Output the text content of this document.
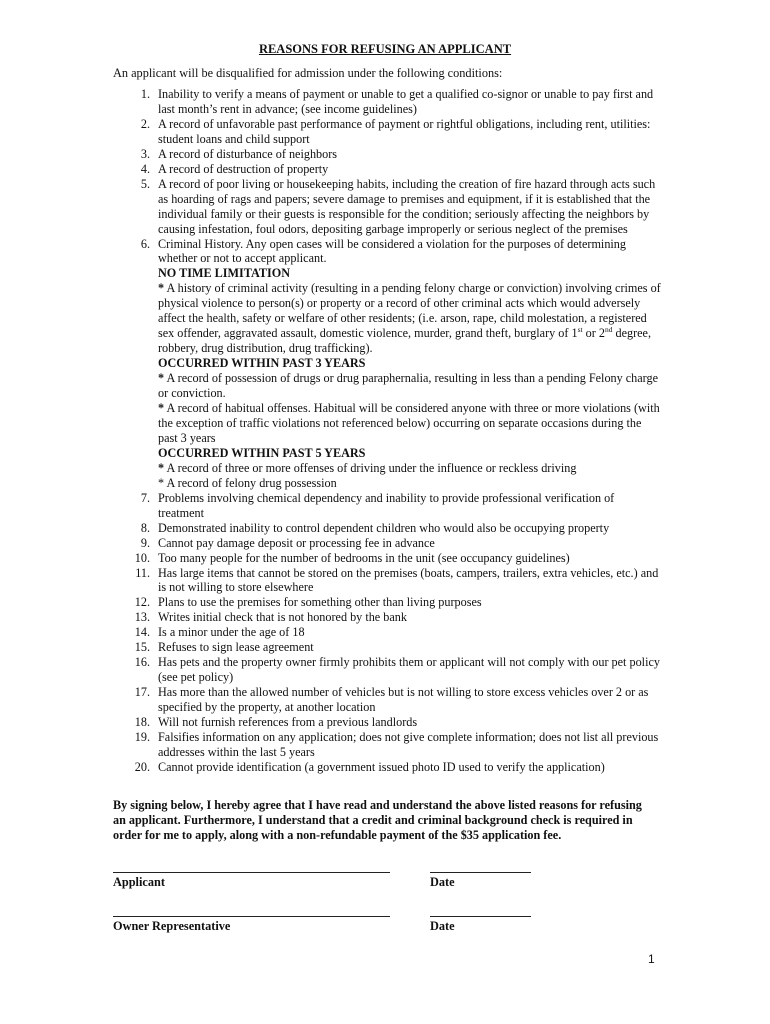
REASONS FOR REFUSING AN APPLICANT
An applicant will be disqualified for admission under the following conditions:
1. Inability to verify a means of payment or unable to get a qualified co-signor or unable to pay first and last month’s rent in advance; (see income guidelines)
2. A record of unfavorable past performance of payment or rightful obligations, including rent, utilities: student loans and child support
3. A record of disturbance of neighbors
4. A record of destruction of property
5. A record of poor living or housekeeping habits, including the creation of fire hazard through acts such as hoarding of rags and papers; severe damage to premises and equipment, if it is established that the individual family or their guests is responsible for the condition; seriously affecting the neighbors by causing infestation, foul odors, depositing garbage improperly or serious neglect of the premises
6. Criminal History. Any open cases will be considered a violation for the purposes of determining whether or not to accept applicant.
NO TIME LIMITATION
* A history of criminal activity (resulting in a pending felony charge or conviction) involving crimes of physical violence to person(s) or property or a record of other criminal acts which would adversely affect the health, safety or welfare of other residents; (i.e. arson, rape, child molestation, a registered sex offender, aggravated assault, domestic violence, murder, grand theft, burglary of 1st or 2nd degree, robbery, drug distribution, drug trafficking).
OCCURRED WITHIN PAST 3 YEARS
* A record of possession of drugs or drug paraphernalia, resulting in less than a pending Felony charge or conviction.
* A record of habitual offenses. Habitual will be considered anyone with three or more violations (with the exception of traffic violations not referenced below) occurring on separate occasions during the past 3 years
OCCURRED WITHIN PAST 5 YEARS
* A record of three or more offenses of driving under the influence or reckless driving
* A record of felony drug possession
7. Problems involving chemical dependency and inability to provide professional verification of treatment
8. Demonstrated inability to control dependent children who would also be occupying property
9. Cannot pay damage deposit or processing fee in advance
10. Too many people for the number of bedrooms in the unit (see occupancy guidelines)
11. Has large items that cannot be stored on the premises (boats, campers, trailers, extra vehicles, etc.) and is not willing to store elsewhere
12. Plans to use the premises for something other than living purposes
13. Writes initial check that is not honored by the bank
14. Is a minor under the age of 18
15. Refuses to sign lease agreement
16. Has pets and the property owner firmly prohibits them or applicant will not comply with our pet policy (see pet policy)
17. Has more than the allowed number of vehicles but is not willing to store excess vehicles over 2 or as specified by the property, at another location
18. Will not furnish references from a previous landlords
19. Falsifies information on any application; does not give complete information; does not list all previous addresses within the last 5 years
20. Cannot provide identification (a government issued photo ID used to verify the application)
By signing below, I hereby agree that I have read and understand the above listed reasons for refusing an applicant. Furthermore, I understand that a credit and criminal background check is required in order for me to apply, along with a non-refundable payment of the $35 application fee.
Applicant	Date
Owner Representative	Date
1
